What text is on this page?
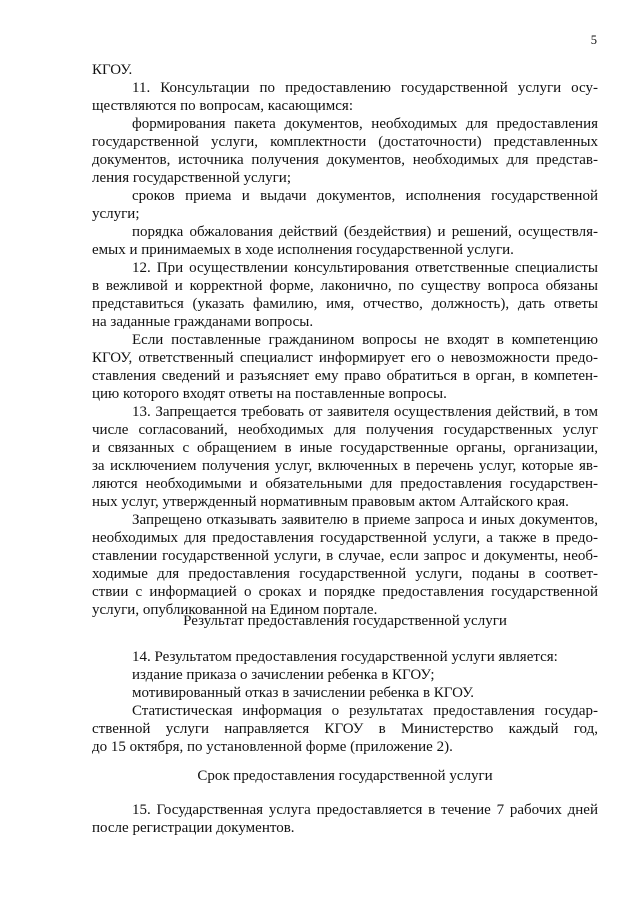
5
КГОУ.
11. Консультации по предоставлению государственной услуги осу-
ществляются по вопросам, касающимся:
формирования пакета документов, необходимых для предоставления
государственной услуги, комплектности (достаточности) представленных
документов, источника получения документов, необходимых для представ-
ления государственной услуги;
сроков приема и выдачи документов, исполнения государственной
услуги;
порядка обжалования действий (бездействия) и решений, осуществля-
емых и принимаемых в ходе исполнения государственной услуги.
12. При осуществлении консультирования ответственные специалисты
в вежливой и корректной форме, лаконично, по существу вопроса обязаны
представиться (указать фамилию, имя, отчество, должность), дать ответы
на заданные гражданами вопросы.
Если поставленные гражданином вопросы не входят в компетенцию
КГОУ, ответственный специалист информирует его о невозможности предо-
ставления сведений и разъясняет ему право обратиться в орган, в компетен-
цию которого входят ответы на поставленные вопросы.
13. Запрещается требовать от заявителя осуществления действий, в том
числе согласований, необходимых для получения государственных услуг
и связанных с обращением в иные государственные органы, организации,
за исключением получения услуг, включенных в перечень услуг, которые яв-
ляются необходимыми и обязательными для предоставления государствен-
ных услуг, утвержденный нормативным правовым актом Алтайского края.
Запрещено отказывать заявителю в приеме запроса и иных документов,
необходимых для предоставления государственной услуги, а также в предо-
ставлении государственной услуги, в случае, если запрос и документы, необ-
ходимые для предоставления государственной услуги, поданы в соответ-
ствии с информацией о сроках и порядке предоставления государственной
услуги, опубликованной на Едином портале.
Результат предоставления государственной услуги
14. Результатом предоставления государственной услуги является:
издание приказа о зачислении ребенка в КГОУ;
мотивированный отказ в зачислении ребенка в КГОУ.
Статистическая информация о результатах предоставления государ-
ственной услуги направляется КГОУ в Министерство каждый год,
до 15 октября, по установленной форме (приложение 2).
Срок предоставления государственной услуги
15. Государственная услуга предоставляется в течение 7 рабочих дней
после регистрации документов.
